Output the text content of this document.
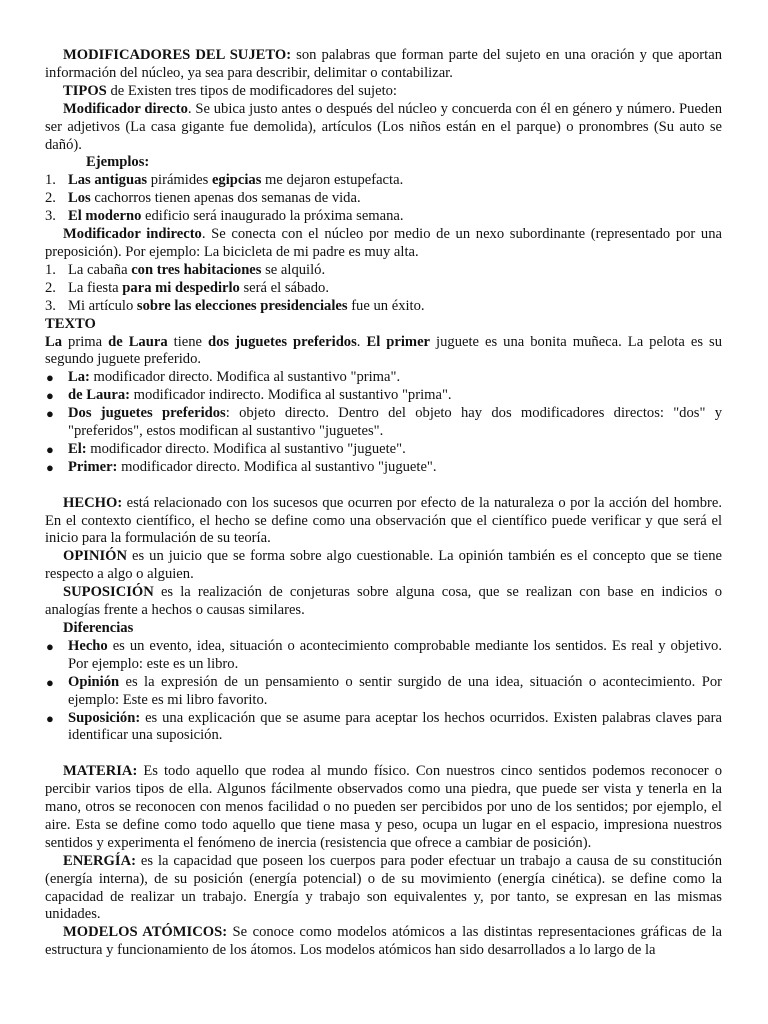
MODIFICADORES DEL SUJETO: son palabras que forman parte del sujeto en una oración y que aportan información del núcleo, ya sea para describir, delimitar o contabilizar.

TIPOS de Existen tres tipos de modificadores del sujeto:

Modificador directo. Se ubica justo antes o después del núcleo y concuerda con él en género y número. Pueden ser adjetivos (La casa gigante fue demolida), artículos (Los niños están en el parque) o pronombres (Su auto se dañó).

Ejemplos:

1. Las antiguas pirámides egipcias me dejaron estupefacta.
2. Los cachorros tienen apenas dos semanas de vida.
3. El moderno edificio será inaugurado la próxima semana.

Modificador indirecto. Se conecta con el núcleo por medio de un nexo subordinante (representado por una preposición). Por ejemplo: La bicicleta de mi padre es muy alta.

1. La cabaña con tres habitaciones se alquiló.
2. La fiesta para mi despedirlo será el sábado.
3. Mi artículo sobre las elecciones presidenciales fue un éxito.

TEXTO

La prima de Laura tiene dos juguetes preferidos. El primer juguete es una bonita muñeca. La pelota es su segundo juguete preferido.

● La: modificador directo. Modifica al sustantivo "prima".
● de Laura: modificador indirecto. Modifica al sustantivo "prima".
● Dos juguetes preferidos: objeto directo. Dentro del objeto hay dos modificadores directos: "dos" y "preferidos", estos modifican al sustantivo "juguetes".
● El: modificador directo. Modifica al sustantivo "juguete".
● Primer: modificador directo. Modifica al sustantivo "juguete".

HECHO: está relacionado con los sucesos que ocurren por efecto de la naturaleza o por la acción del hombre. En el contexto científico, el hecho se define como una observación que el científico puede verificar y que será el inicio para la formulación de su teoría.

OPINIÓN es un juicio que se forma sobre algo cuestionable. La opinión también es el concepto que se tiene respecto a algo o alguien.

SUPOSICIÓN es la realización de conjeturas sobre alguna cosa, que se realizan con base en indicios o analogías frente a hechos o causas similares.

Diferencias

● Hecho es un evento, idea, situación o acontecimiento comprobable mediante los sentidos. Es real y objetivo. Por ejemplo: este es un libro.
● Opinión es la expresión de un pensamiento o sentir surgido de una idea, situación o acontecimiento. Por ejemplo: Este es mi libro favorito.
● Suposición: es una explicación que se asume para aceptar los hechos ocurridos. Existen palabras claves para identificar una suposición.

MATERIA: Es todo aquello que rodea al mundo físico. Con nuestros cinco sentidos podemos reconocer o percibir varios tipos de ella. Algunos fácilmente observados como una piedra, que puede ser vista y tenerla en la mano, otros se reconocen con menos facilidad o no pueden ser percibidos por uno de los sentidos; por ejemplo, el aire. Esta se define como todo aquello que tiene masa y peso, ocupa un lugar en el espacio, impresiona nuestros sentidos y experimenta el fenómeno de inercia (resistencia que ofrece a cambiar de posición).

ENERGÍA: es la capacidad que poseen los cuerpos para poder efectuar un trabajo a causa de su constitución (energía interna), de su posición (energía potencial) o de su movimiento (energía cinética). se define como la capacidad de realizar un trabajo. Energía y trabajo son equivalentes y, por tanto, se expresan en las mismas unidades.

MODELOS ATÓMICOS: Se conoce como modelos atómicos a las distintas representaciones gráficas de la estructura y funcionamiento de los átomos. Los modelos atómicos han sido desarrollados a lo largo de la
